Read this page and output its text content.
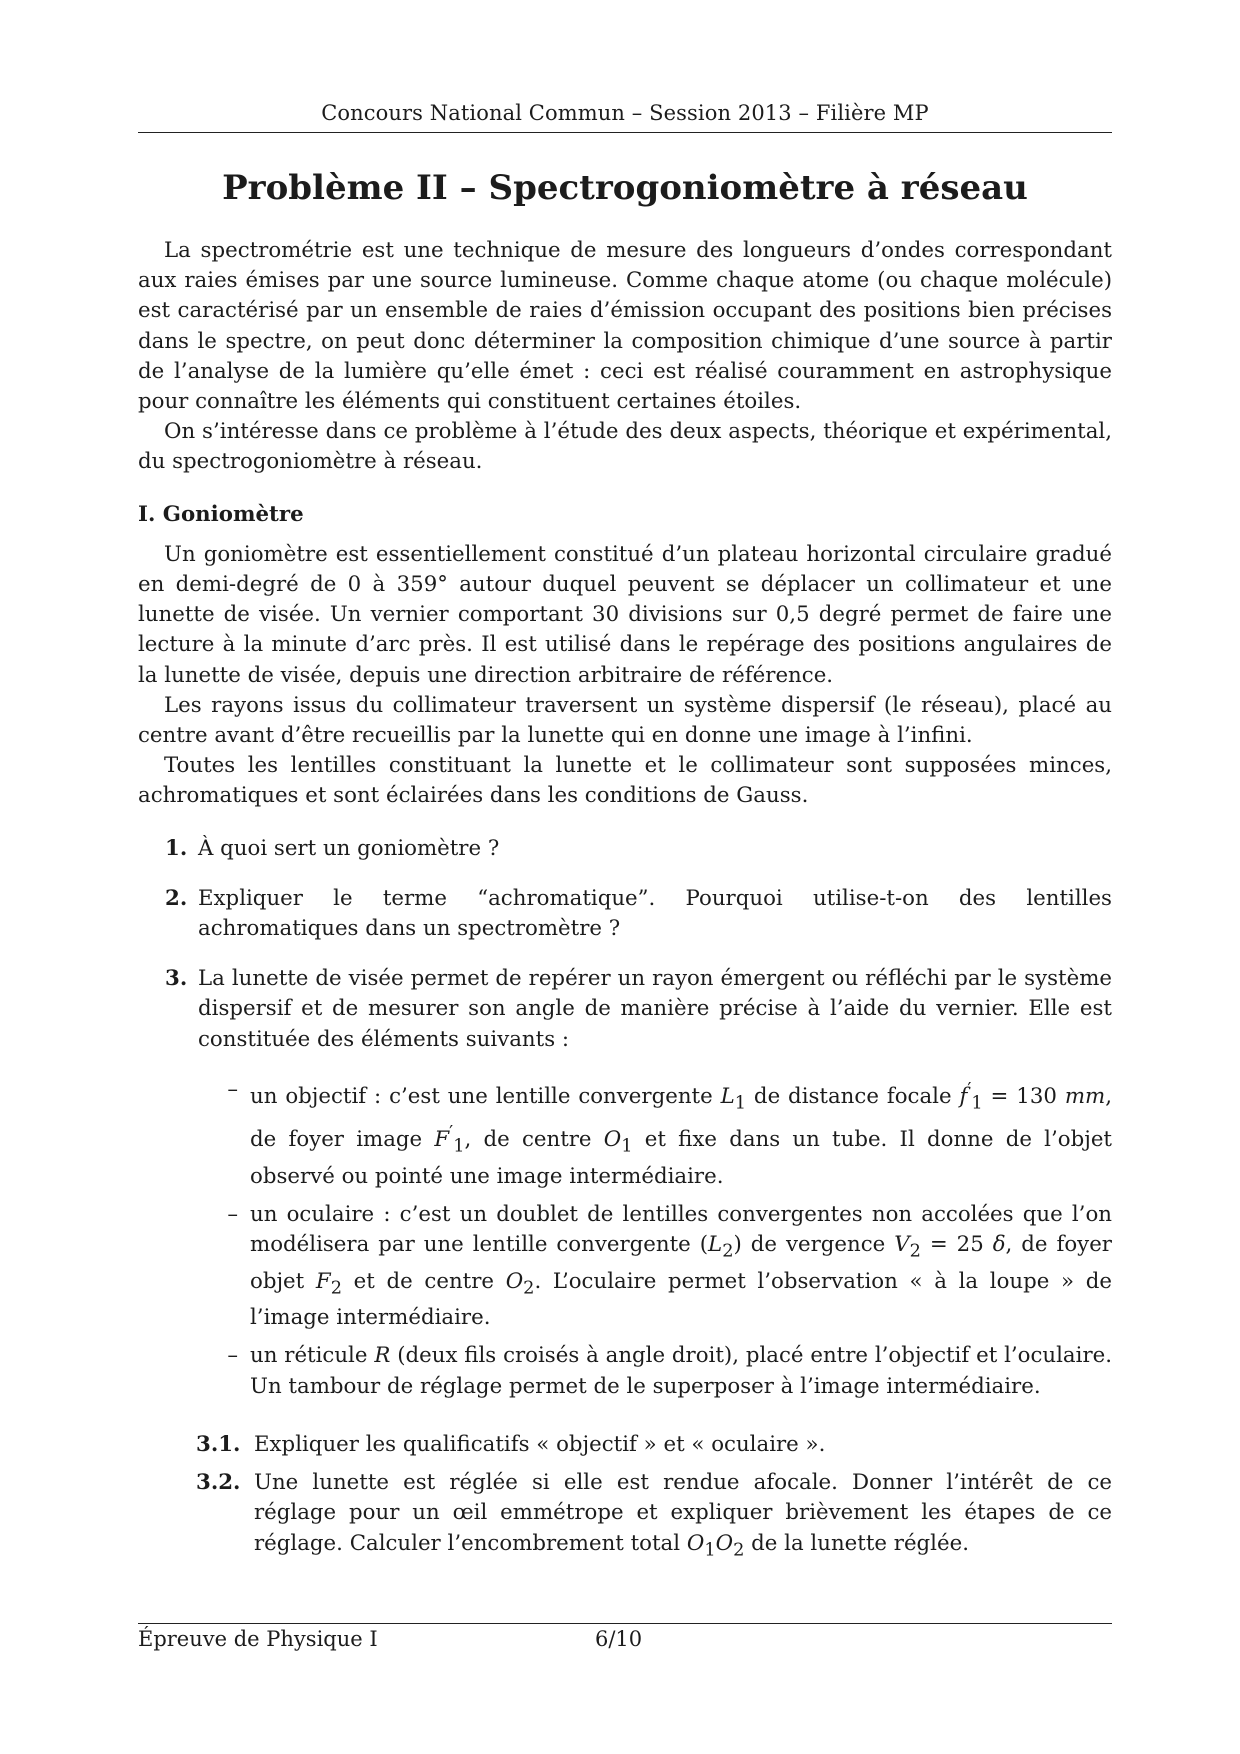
Concours National Commun – Session 2013 – Filière MP
Problème II – Spectrogoniomètre à réseau

La spectrométrie est une technique de mesure des longueurs d’ondes correspondant aux raies émises par une source lumineuse. Comme chaque atome (ou chaque molécule) est caractérisé par un ensemble de raies d’émission occupant des positions bien précises dans le spectre, on peut donc déterminer la composition chimique d’une source à partir de l’analyse de la lumière qu’elle émet : ceci est réalisé couramment en astrophysique pour connaître les éléments qui constituent certaines étoiles.

On s’intéresse dans ce problème à l’étude des deux aspects, théorique et expérimental, du spectrogoniomètre à réseau.

I. Goniomètre

Un goniomètre est essentiellement constitué d’un plateau horizontal circulaire gradué en demi-degré de 0 à 359° autour duquel peuvent se déplacer un collimateur et une lunette de visée. Un vernier comportant 30 divisions sur 0,5 degré permet de faire une lecture à la minute d’arc près. Il est utilisé dans le repérage des positions angulaires de la lunette de visée, depuis une direction arbitraire de référence.

Les rayons issus du collimateur traversent un système dispersif (le réseau), placé au centre avant d’être recueillis par la lunette qui en donne une image à l’infini.

Toutes les lentilles constituant la lunette et le collimateur sont supposées minces, achromatiques et sont éclairées dans les conditions de Gauss.

1. À quoi sert un goniomètre ?
2. Expliquer le terme “achromatique”. Pourquoi utilise-t-on des lentilles achromatiques dans un spectromètre ?
3. La lunette de visée permet de repérer un rayon émergent ou réfléchi par le système dispersif et de mesurer son angle de manière précise à l’aide du vernier. Elle est constituée des éléments suivants :
– un objectif : c’est une lentille convergente $L_1$ de distance focale $f'_1 = 130$ mm, de foyer image $F'_1$, de centre $O_1$ et fixe dans un tube. Il donne de l’objet observé ou pointé une image intermédiaire.
– un oculaire : c’est un doublet de lentilles convergentes non accolées que l’on modélisera par une lentille convergente $(L_2)$ de vergence $V_2 = 25$ δ, de foyer objet $F_2$ et de centre $O_2$. L’oculaire permet l’observation « à la loupe » de l’image intermédiaire.
– un réticule R (deux fils croisés à angle droit), placé entre l’objectif et l’oculaire. Un tambour de réglage permet de le superposer à l’image intermédiaire.
3.1. Expliquer les qualificatifs « objectif » et « oculaire ».
3.2. Une lunette est réglée si elle est rendue afocale. Donner l’intérêt de ce réglage pour un œil emmétrope et expliquer brièvement les étapes de ce réglage. Calculer l’encombrement total $O_1O_2$ de la lunette réglée.
Épreuve de Physique I	6/10
